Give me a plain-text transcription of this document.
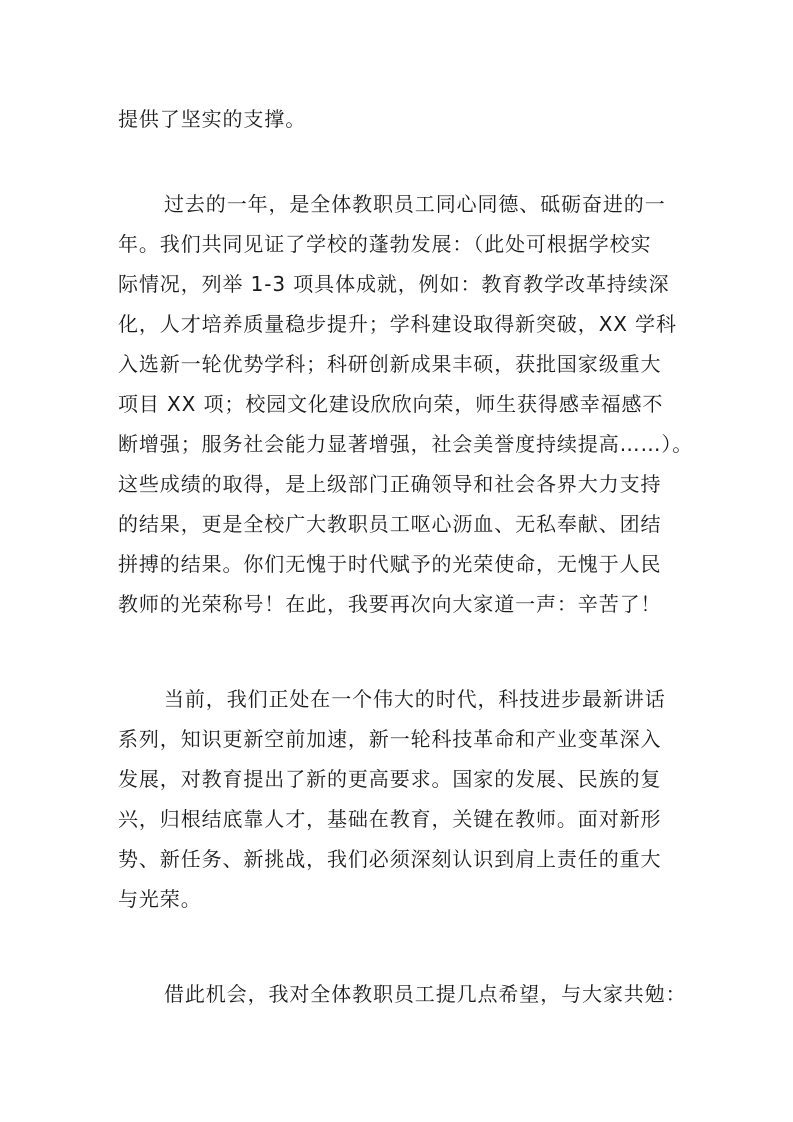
提供了坚实的支撑。
过去的一年，是全体教职员工同心同德、砥砺奋进的一
年。我们共同见证了学校的蓬勃发展：（此处可根据学校实
际情况，列举 1-3 项具体成就，例如：教育教学改革持续深
化，人才培养质量稳步提升；学科建设取得新突破，XX 学科
入选新一轮优势学科；科研创新成果丰硕，获批国家级重大
项目 XX 项；校园文化建设欣欣向荣，师生获得感幸福感不
断增强；服务社会能力显著增强，社会美誉度持续提高……）。
这些成绩的取得，是上级部门正确领导和社会各界大力支持
的结果，更是全校广大教职员工呕心沥血、无私奉献、团结
拼搏的结果。你们无愧于时代赋予的光荣使命，无愧于人民
教师的光荣称号！在此，我要再次向大家道一声：辛苦了！
当前，我们正处在一个伟大的时代，科技进步最新讲话
系列，知识更新空前加速，新一轮科技革命和产业变革深入
发展，对教育提出了新的更高要求。国家的发展、民族的复
兴，归根结底靠人才，基础在教育，关键在教师。面对新形
势、新任务、新挑战，我们必须深刻认识到肩上责任的重大
与光荣。
借此机会，我对全体教职员工提几点希望，与大家共勉：
